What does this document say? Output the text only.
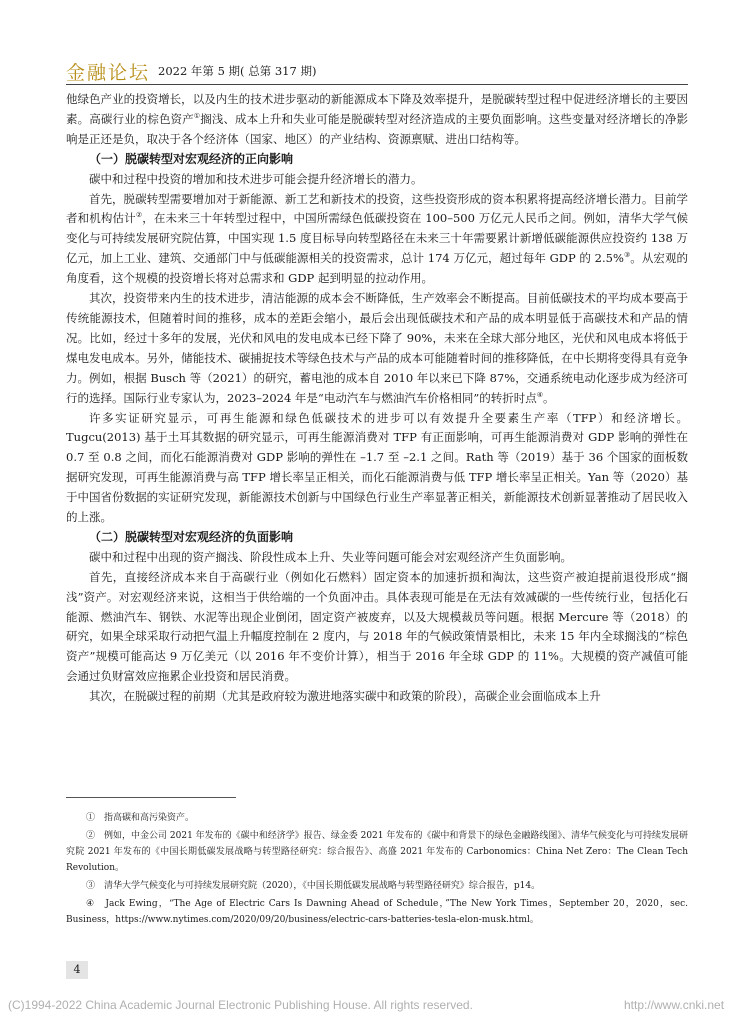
金融论坛 2022 年第 5 期( 总第 317 期)

他绿色产业的投资增长，以及内生的技术进步驱动的新能源成本下降及效率提升，是脱碳转型过程中促进经济增长的主要因素。高碳行业的棕色资产①搁浅、成本上升和失业可能是脱碳转型对经济造成的主要负面影响。这些变量对经济增长的净影响是正还是负，取决于各个经济体（国家、地区）的产业结构、资源禀赋、进出口结构等。

（一）脱碳转型对宏观经济的正向影响

碳中和过程中投资的增加和技术进步可能会提升经济增长的潜力。

首先，脱碳转型需要增加对于新能源、新工艺和新技术的投资，这些投资形成的资本积累将提高经济增长潜力。目前学者和机构估计②，在未来三十年转型过程中，中国所需绿色低碳投资在 100–500 万亿元人民币之间。例如，清华大学气候变化与可持续发展研究院估算，中国实现 1.5 度目标导向转型路径在未来三十年需要累计新增低碳能源供应投资约 138 万亿元，加上工业、建筑、交通部门中与低碳能源相关的投资需求，总计 174 万亿元，超过每年 GDP 的 2.5%③。从宏观的角度看，这个规模的投资增长将对总需求和 GDP 起到明显的拉动作用。

其次，投资带来内生的技术进步，清洁能源的成本会不断降低，生产效率会不断提高。目前低碳技术的平均成本要高于传统能源技术，但随着时间的推移，成本的差距会缩小，最后会出现低碳技术和产品的成本明显低于高碳技术和产品的情况。比如，经过十多年的发展，光伏和风电的发电成本已经下降了 90%，未来在全球大部分地区，光伏和风电成本将低于煤电发电成本。另外，储能技术、碳捕捉技术等绿色技术与产品的成本可能随着时间的推移降低，在中长期将变得具有竞争力。例如，根据 Busch 等（2021）的研究，蓄电池的成本自 2010 年以来已下降 87%，交通系统电动化逐步成为经济可行的选择。国际行业专家认为，2023–2024 年是“电动汽车与燃油汽车价格相同”的转折时点④。

许多实证研究显示，可再生能源和绿色低碳技术的进步可以有效提升全要素生产率（TFP）和经济增长。Tugcu(2013) 基于土耳其数据的研究显示，可再生能源消费对 TFP 有正面影响，可再生能源消费对 GDP 影响的弹性在 0.7 至 0.8 之间，而化石能源消费对 GDP 影响的弹性在 –1.7 至 –2.1 之间。Rath 等（2019）基于 36 个国家的面板数据研究发现，可再生能源消费与高 TFP 增长率呈正相关，而化石能源消费与低 TFP 增长率呈正相关。Yan 等（2020）基于中国省份数据的实证研究发现，新能源技术创新与中国绿色行业生产率显著正相关，新能源技术创新显著推动了居民收入的上涨。

（二）脱碳转型对宏观经济的负面影响

碳中和过程中出现的资产搁浅、阶段性成本上升、失业等问题可能会对宏观经济产生负面影响。

首先，直接经济成本来自于高碳行业（例如化石燃料）固定资本的加速折损和淘汰，这些资产被迫提前退役形成“搁浅”资产。对宏观经济来说，这相当于供给端的一个负面冲击。具体表现可能是在无法有效减碳的一些传统行业，包括化石能源、燃油汽车、钢铁、水泥等出现企业倒闭，固定资产被废弃，以及大规模裁员等问题。根据 Mercure 等（2018）的研究，如果全球采取行动把气温上升幅度控制在 2 度内，与 2018 年的气候政策情景相比，未来 15 年内全球搁浅的“棕色资产”规模可能高达 9 万亿美元（以 2016 年不变价计算），相当于 2016 年全球 GDP 的 11%。大规模的资产减值可能会通过负财富效应拖累企业投资和居民消费。

其次，在脱碳过程的前期（尤其是政府较为激进地落实碳中和政策的阶段），高碳企业会面临成本上升

①　指高碳和高污染资产。

②　例如，中金公司 2021 年发布的《碳中和经济学》报告、绿金委 2021 年发布的《碳中和背景下的绿色金融路线图》、清华气候变化与可持续发展研究院 2021 年发布的《中国长期低碳发展战略与转型路径研究：综合报告》、高盛 2021 年发布的 Carbonomics：China Net Zero：The Clean Tech Revolution。

③　清华大学气候变化与可持续发展研究院（2020），《中国长期低碳发展战略与转型路径研究》综合报告，p14。

④　Jack Ewing，“The Age of Electric Cars Is Dawning Ahead of Schedule，”The New York Times，September 20，2020，sec. Business，https://www.nytimes.com/2020/09/20/business/electric-cars-batteries-tesla-elon-musk.html。

4
(C)1994-2022 China Academic Journal Electronic Publishing House. All rights reserved.	http://www.cnki.net
